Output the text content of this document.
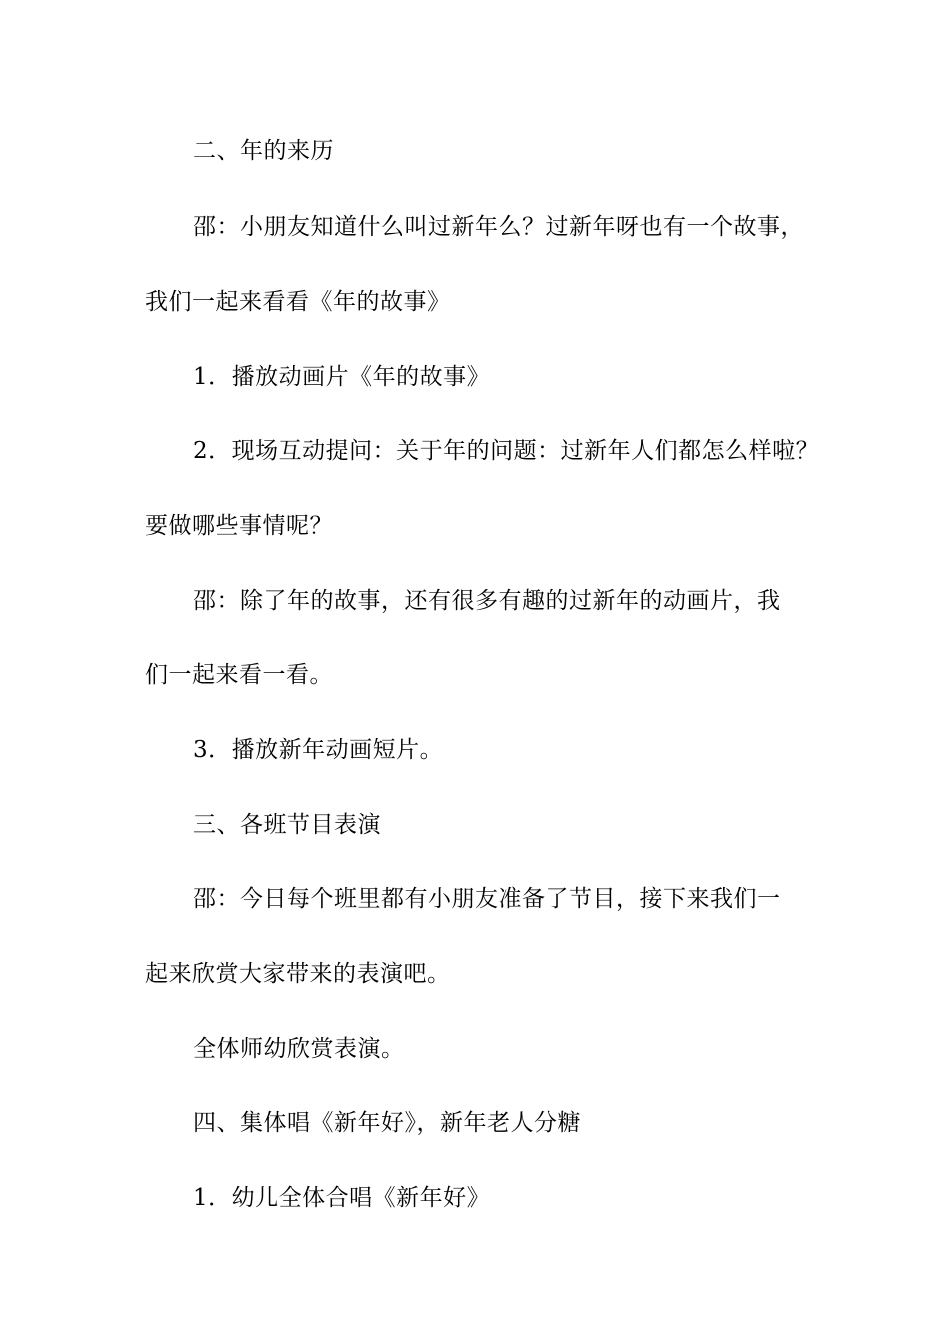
二、年的来历

邵：小朋友知道什么叫过新年么？过新年呀也有一个故事，

我们一起来看看《年的故事》

1．播放动画片《年的故事》

2．现场互动提问：关于年的问题：过新年人们都怎么样啦？

要做哪些事情呢？

邵：除了年的故事，还有很多有趣的过新年的动画片，我

们一起来看一看。

3．播放新年动画短片。

三、各班节目表演

邵：今日每个班里都有小朋友准备了节目，接下来我们一

起来欣赏大家带来的表演吧。

全体师幼欣赏表演。

四、集体唱《新年好》，新年老人分糖

1．幼儿全体合唱《新年好》
